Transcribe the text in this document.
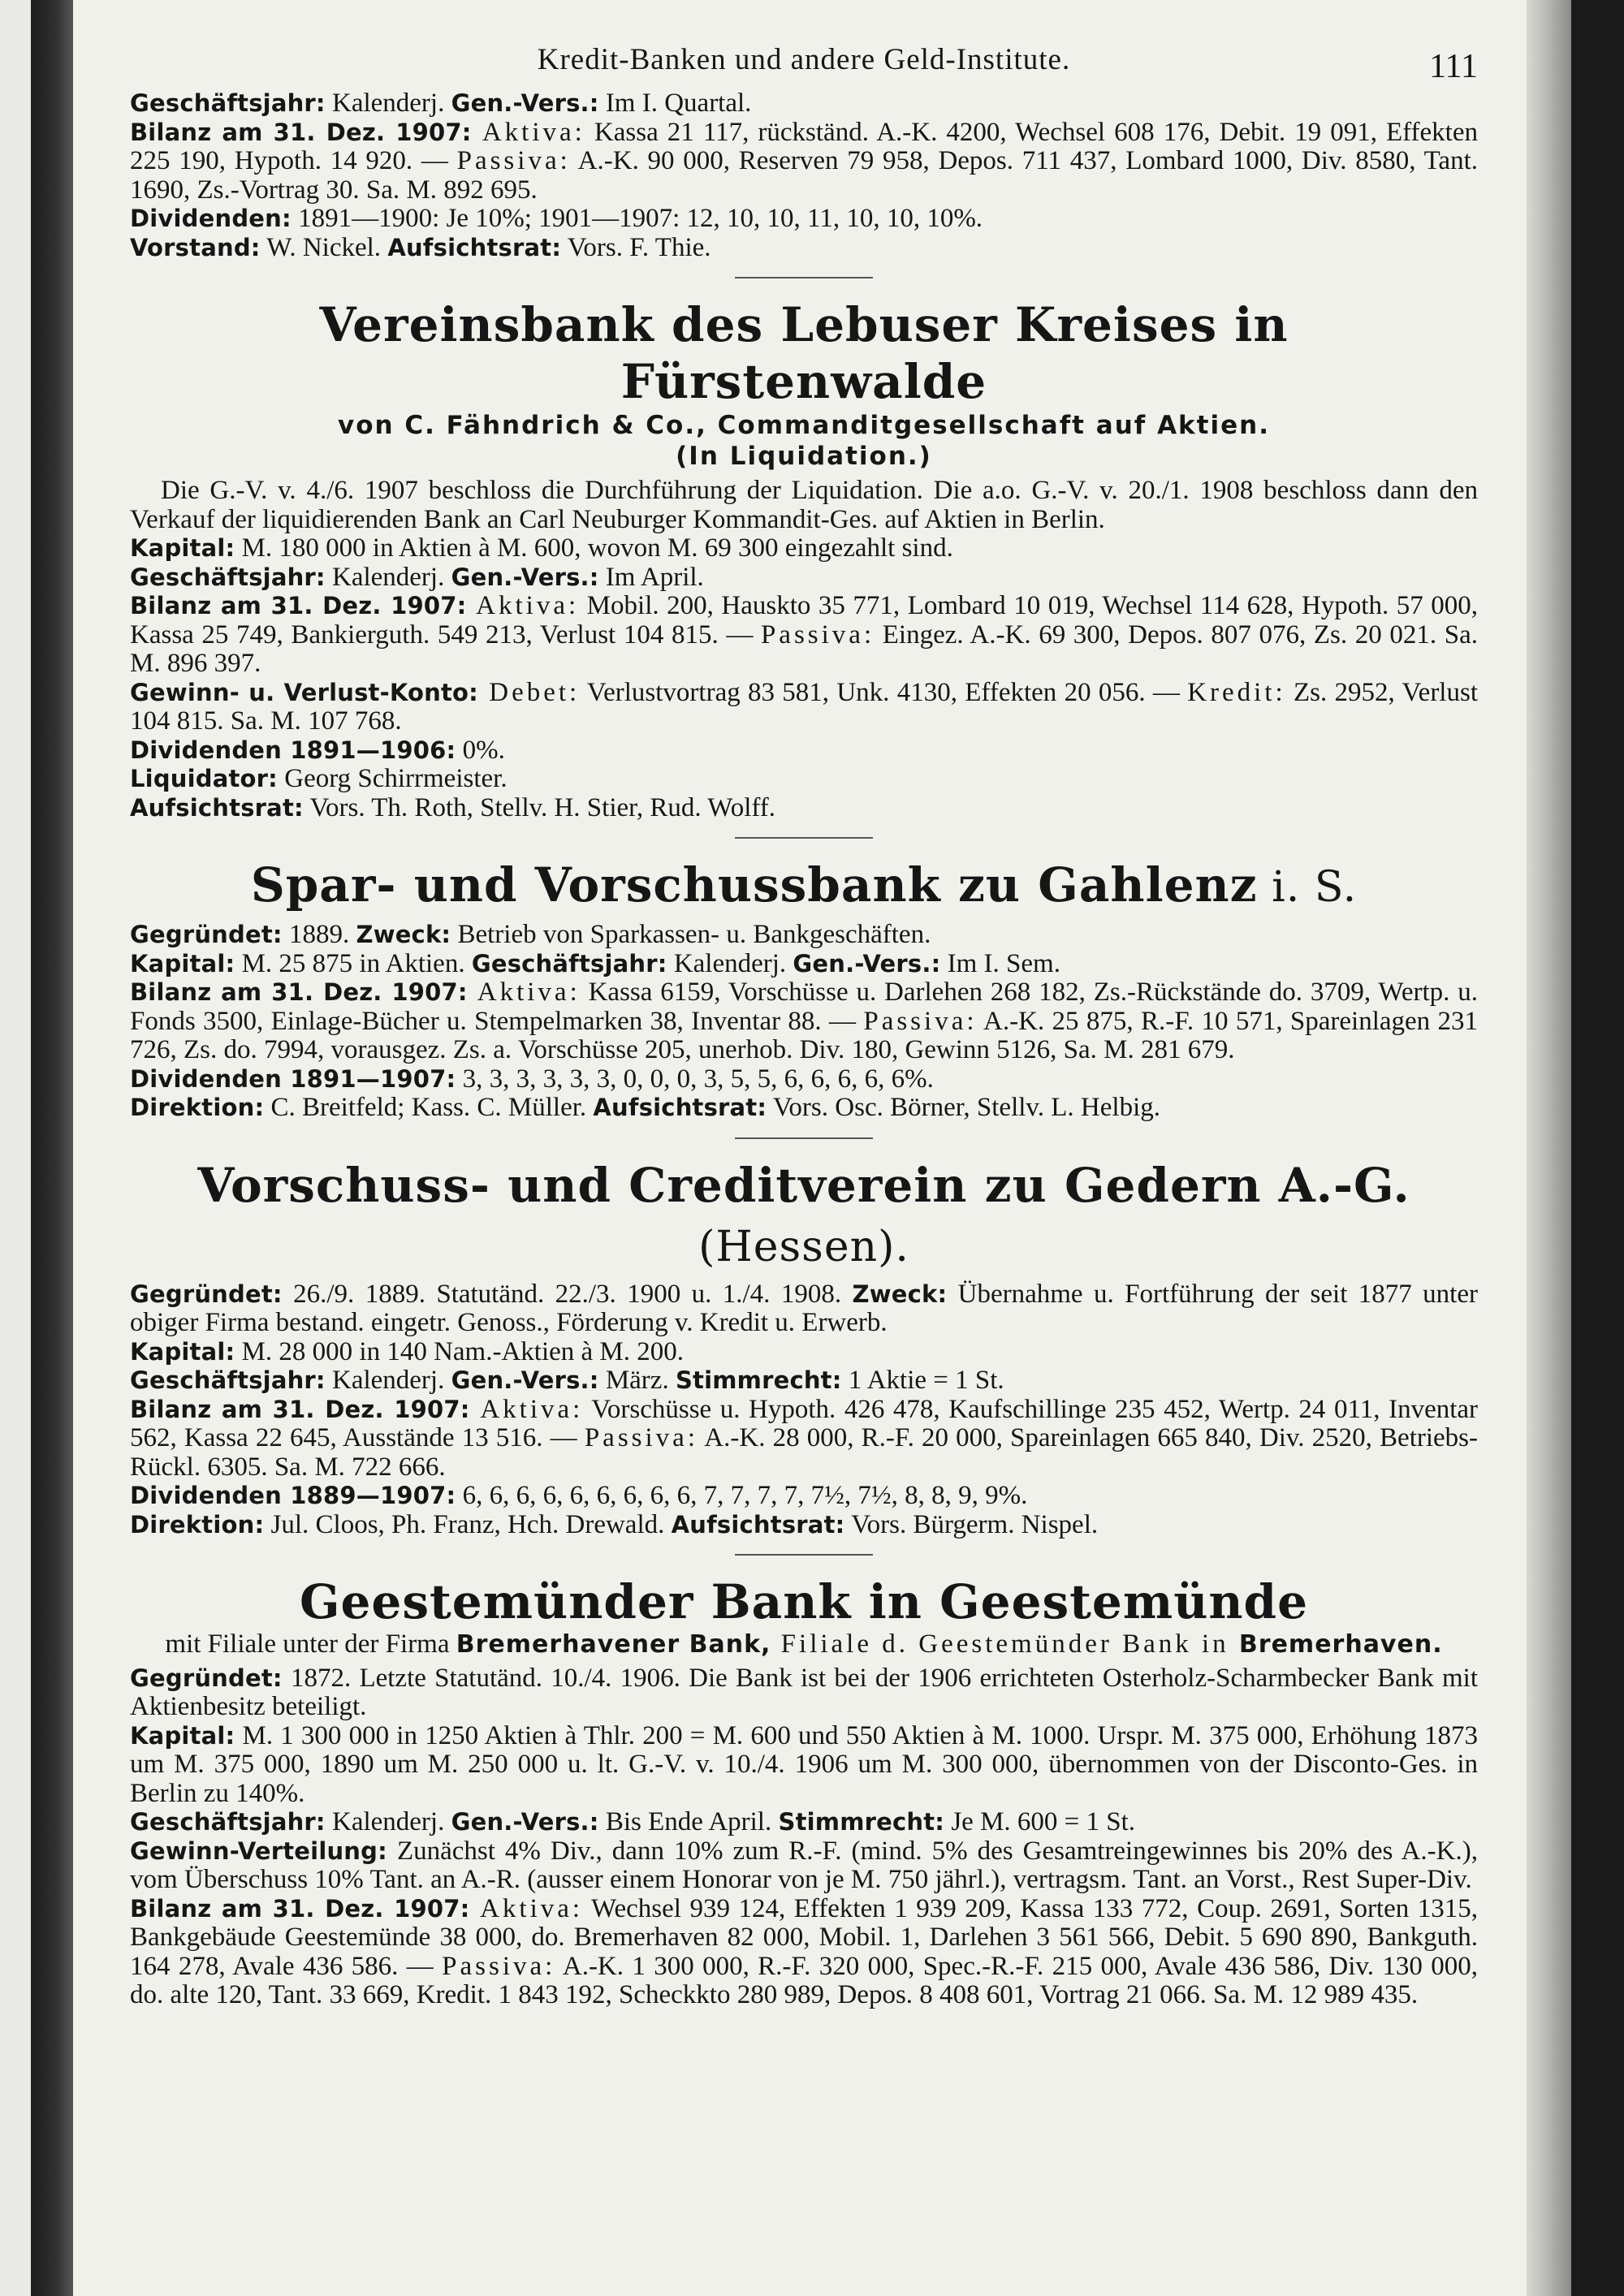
Kredit-Banken und andere Geld-Institute.	111

Geschäftsjahr: Kalenderj. Gen.-Vers.: Im I. Quartal.

Bilanz am 31. Dez. 1907: Aktiva: Kassa 21 117, rückständ. A.-K. 4200, Wechsel 608 176, Debit. 19 091, Effekten 225 190, Hypoth. 14 920. — Passiva: A.-K. 90 000, Reserven 79 958, Depos. 711 437, Lombard 1000, Div. 8580, Tant. 1690, Zs.-Vortrag 30. Sa. M. 892 695.

Dividenden: 1891—1900: Je 10%; 1901—1907: 12, 10, 10, 11, 10, 10, 10%.

Vorstand: W. Nickel. Aufsichtsrat: Vors. F. Thie.

Vereinsbank des Lebuser Kreises in Fürstenwalde

von C. Fähndrich & Co., Commanditgesellschaft auf Aktien.

(In Liquidation.)

Die G.-V. v. 4./6. 1907 beschloss die Durchführung der Liquidation. Die a.o. G.-V. v. 20./1. 1908 beschloss dann den Verkauf der liquidierenden Bank an Carl Neuburger Kommandit-Ges. auf Aktien in Berlin.

Kapital: M. 180 000 in Aktien à M. 600, wovon M. 69 300 eingezahlt sind.

Geschäftsjahr: Kalenderj. Gen.-Vers.: Im April.

Bilanz am 31. Dez. 1907: Aktiva: Mobil. 200, Hauskto 35 771, Lombard 10 019, Wechsel 114 628, Hypoth. 57 000, Kassa 25 749, Bankierguth. 549 213, Verlust 104 815. — Passiva: Eingez. A.-K. 69 300, Depos. 807 076, Zs. 20 021. Sa. M. 896 397.

Gewinn- u. Verlust-Konto: Debet: Verlustvortrag 83 581, Unk. 4130, Effekten 20 056. — Kredit: Zs. 2952, Verlust 104 815. Sa. M. 107 768.

Dividenden 1891—1906: 0%.

Liquidator: Georg Schirrmeister.

Aufsichtsrat: Vors. Th. Roth, Stellv. H. Stier, Rud. Wolff.

Spar- und Vorschussbank zu Gahlenz i. S.

Gegründet: 1889. Zweck: Betrieb von Sparkassen- u. Bankgeschäften.

Kapital: M. 25 875 in Aktien. Geschäftsjahr: Kalenderj. Gen.-Vers.: Im I. Sem.

Bilanz am 31. Dez. 1907: Aktiva: Kassa 6159, Vorschüsse u. Darlehen 268 182, Zs.-Rückstände do. 3709, Wertp. u. Fonds 3500, Einlage-Bücher u. Stempelmarken 38, Inventar 88. — Passiva: A.-K. 25 875, R.-F. 10 571, Spareinlagen 231 726, Zs. do. 7994, vorausgez. Zs. a. Vorschüsse 205, unerhob. Div. 180, Gewinn 5126, Sa. M. 281 679.

Dividenden 1891—1907: 3, 3, 3, 3, 3, 3, 0, 0, 0, 3, 5, 5, 6, 6, 6, 6, 6%.

Direktion: C. Breitfeld; Kass. C. Müller. Aufsichtsrat: Vors. Osc. Börner, Stellv. L. Helbig.

Vorschuss- und Creditverein zu Gedern A.-G. (Hessen).

Gegründet: 26./9. 1889. Statutänd. 22./3. 1900 u. 1./4. 1908. Zweck: Übernahme u. Fortführung der seit 1877 unter obiger Firma bestand. eingetr. Genoss., Förderung v. Kredit u. Erwerb.

Kapital: M. 28 000 in 140 Nam.-Aktien à M. 200.

Geschäftsjahr: Kalenderj. Gen.-Vers.: März. Stimmrecht: 1 Aktie = 1 St.

Bilanz am 31. Dez. 1907: Aktiva: Vorschüsse u. Hypoth. 426 478, Kaufschillinge 235 452, Wertp. 24 011, Inventar 562, Kassa 22 645, Ausstände 13 516. — Passiva: A.-K. 28 000, R.-F. 20 000, Spareinlagen 665 840, Div. 2520, Betriebs-Rückl. 6305. Sa. M. 722 666.

Dividenden 1889—1907: 6, 6, 6, 6, 6, 6, 6, 6, 6, 7, 7, 7, 7, 7½, 7½, 8, 8, 9, 9%.

Direktion: Jul. Cloos, Ph. Franz, Hch. Drewald. Aufsichtsrat: Vors. Bürgerm. Nispel.

Geestemünder Bank in Geestemünde

mit Filiale unter der Firma Bremerhavener Bank, Filiale d. Geestemünder Bank in Bremerhaven.

Gegründet: 1872. Letzte Statutänd. 10./4. 1906. Die Bank ist bei der 1906 errichteten Osterholz-Scharmbecker Bank mit Aktienbesitz beteiligt.

Kapital: M. 1 300 000 in 1250 Aktien à Thlr. 200 = M. 600 und 550 Aktien à M. 1000. Urspr. M. 375 000, Erhöhung 1873 um M. 375 000, 1890 um M. 250 000 u. lt. G.-V. v. 10./4. 1906 um M. 300 000, übernommen von der Disconto-Ges. in Berlin zu 140%.

Geschäftsjahr: Kalenderj. Gen.-Vers.: Bis Ende April. Stimmrecht: Je M. 600 = 1 St.

Gewinn-Verteilung: Zunächst 4% Div., dann 10% zum R.-F. (mind. 5% des Gesamtreingewinnes bis 20% des A.-K.), vom Überschuss 10% Tant. an A.-R. (ausser einem Honorar von je M. 750 jährl.), vertragsm. Tant. an Vorst., Rest Super-Div.

Bilanz am 31. Dez. 1907: Aktiva: Wechsel 939 124, Effekten 1 939 209, Kassa 133 772, Coup. 2691, Sorten 1315, Bankgebäude Geestemünde 38 000, do. Bremerhaven 82 000, Mobil. 1, Darlehen 3 561 566, Debit. 5 690 890, Bankguth. 164 278, Avale 436 586. — Passiva: A.-K. 1 300 000, R.-F. 320 000, Spec.-R.-F. 215 000, Avale 436 586, Div. 130 000, do. alte 120, Tant. 33 669, Kredit. 1 843 192, Scheckkto 280 989, Depos. 8 408 601, Vortrag 21 066. Sa. M. 12 989 435.
